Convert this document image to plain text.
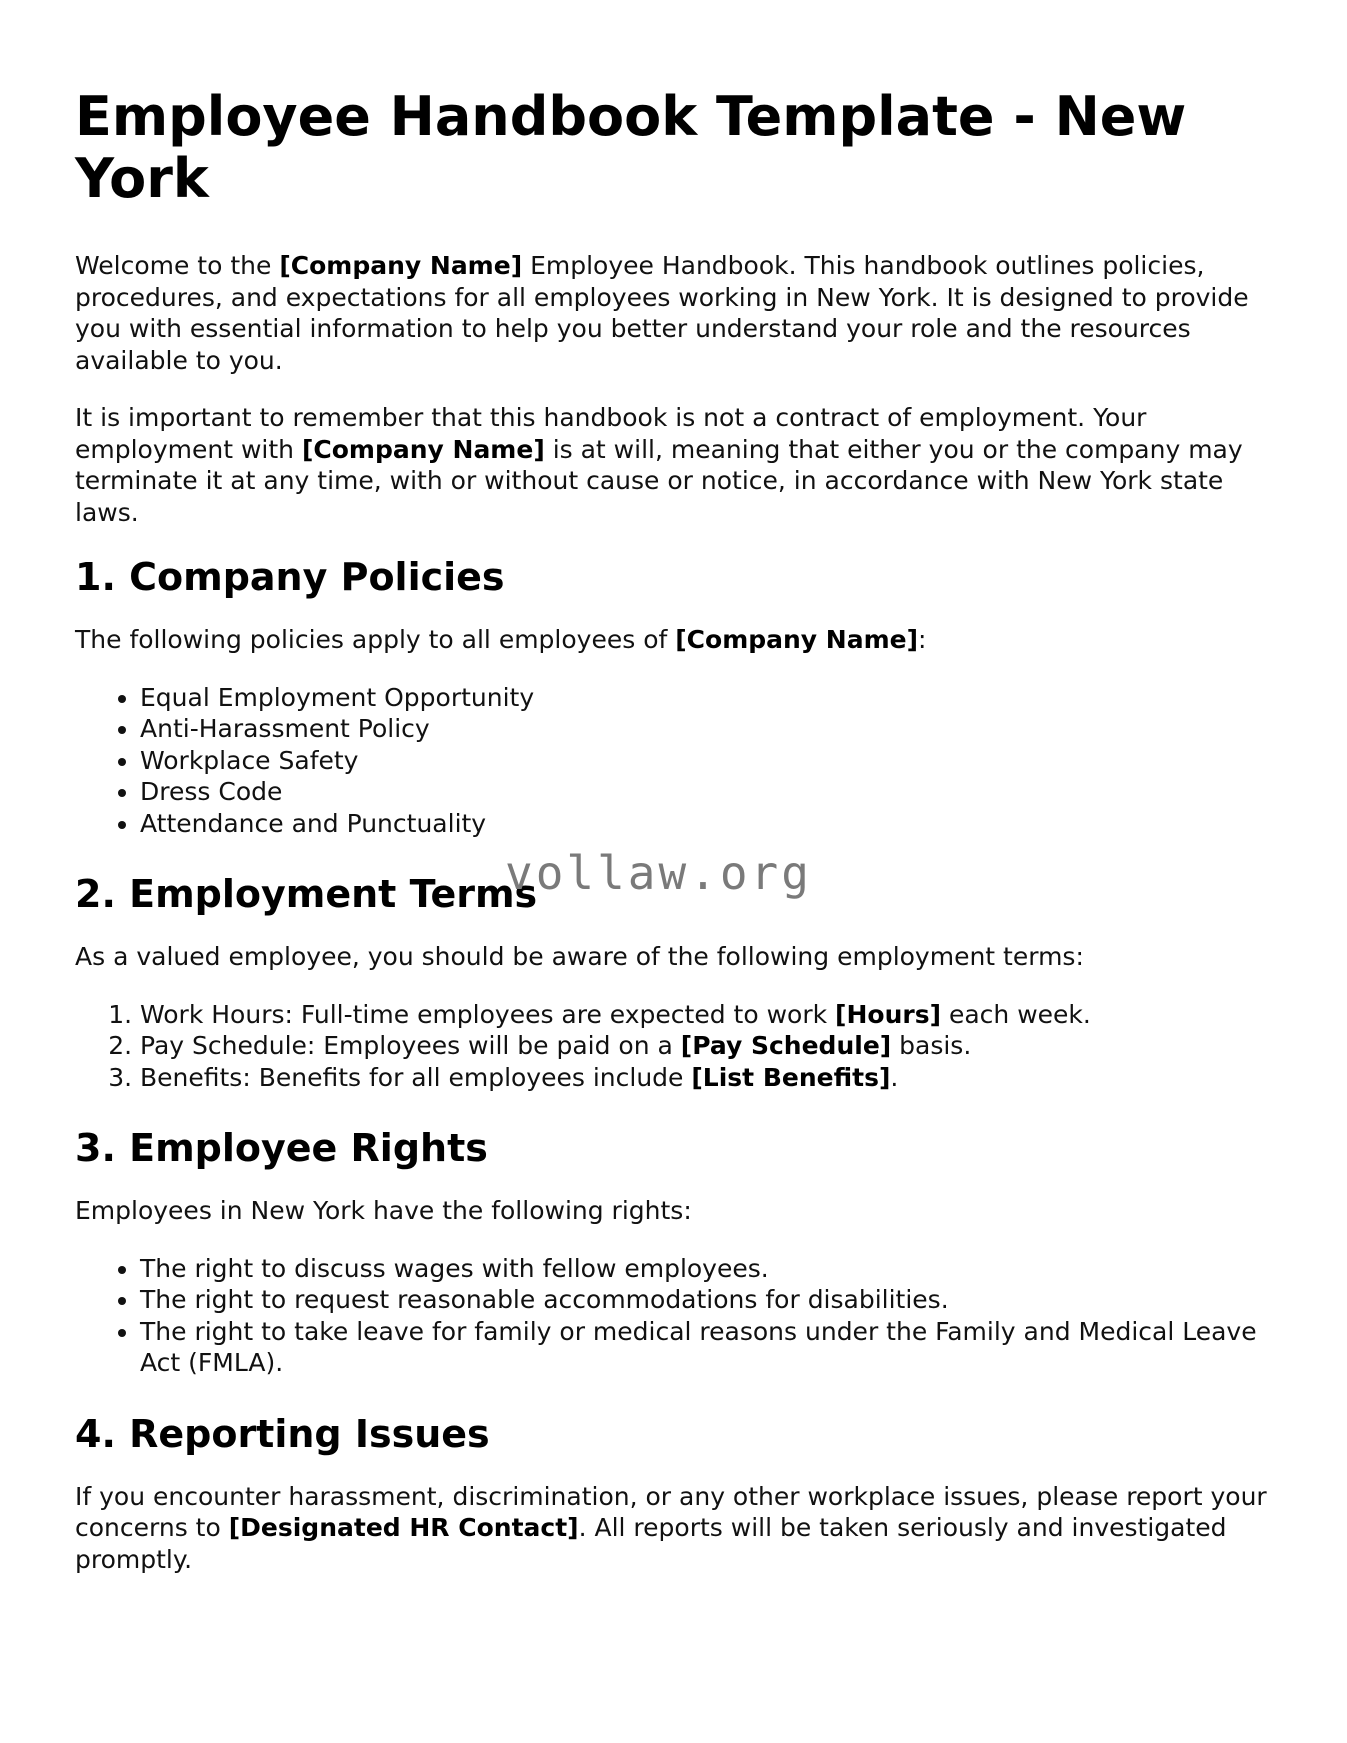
Employee Handbook Template - New York

Welcome to the [Company Name] Employee Handbook. This handbook outlines policies, procedures, and expectations for all employees working in New York. It is designed to provide you with essential information to help you better understand your role and the resources available to you.

It is important to remember that this handbook is not a contract of employment. Your employment with [Company Name] is at will, meaning that either you or the company may terminate it at any time, with or without cause or notice, in accordance with New York state laws.

1. Company Policies

The following policies apply to all employees of [Company Name]:

• Equal Employment Opportunity
• Anti-Harassment Policy
• Workplace Safety
• Dress Code
• Attendance and Punctuality
2. Employment Terms

As a valued employee, you should be aware of the following employment terms:

1. Work Hours: Full-time employees are expected to work [Hours] each week.
2. Pay Schedule: Employees will be paid on a [Pay Schedule] basis.
3. Benefits: Benefits for all employees include [List Benefits].
3. Employee Rights

Employees in New York have the following rights:

• The right to discuss wages with fellow employees.
• The right to request reasonable accommodations for disabilities.
• The right to take leave for family or medical reasons under the Family and Medical Leave Act (FMLA).
4. Reporting Issues

If you encounter harassment, discrimination, or any other workplace issues, please report your concerns to [Designated HR Contact]. All reports will be taken seriously and investigated promptly.

vollaw.org
